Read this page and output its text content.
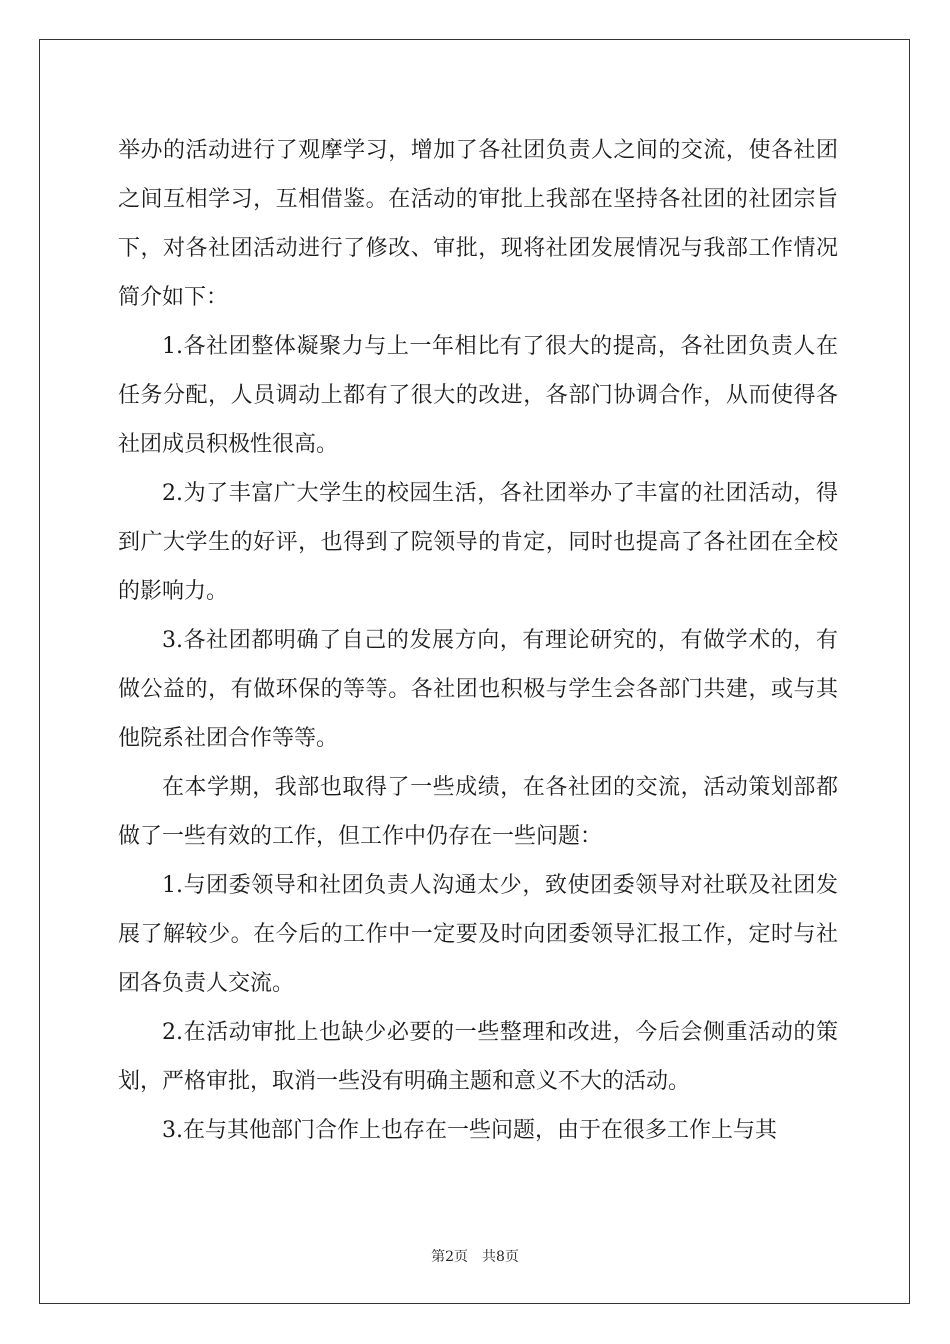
举办的活动进行了观摩学习，增加了各社团负责人之间的交流，使各社团之间互相学习，互相借鉴。在活动的审批上我部在坚持各社团的社团宗旨下，对各社团活动进行了修改、审批，现将社团发展情况与我部工作情况简介如下：

1.各社团整体凝聚力与上一年相比有了很大的提高，各社团负责人在任务分配，人员调动上都有了很大的改进，各部门协调合作，从而使得各社团成员积极性很高。

2.为了丰富广大学生的校园生活，各社团举办了丰富的社团活动，得到广大学生的好评，也得到了院领导的肯定，同时也提高了各社团在全校的影响力。

3.各社团都明确了自己的发展方向，有理论研究的，有做学术的，有做公益的，有做环保的等等。各社团也积极与学生会各部门共建，或与其他院系社团合作等等。

在本学期，我部也取得了一些成绩，在各社团的交流，活动策划部都做了一些有效的工作，但工作中仍存在一些问题：

1.与团委领导和社团负责人沟通太少，致使团委领导对社联及社团发展了解较少。在今后的工作中一定要及时向团委领导汇报工作，定时与社团各负责人交流。

2.在活动审批上也缺少必要的一些整理和改进，今后会侧重活动的策划，严格审批，取消一些没有明确主题和意义不大的活动。

3.在与其他部门合作上也存在一些问题，由于在很多工作上与其

第2页　共8页
